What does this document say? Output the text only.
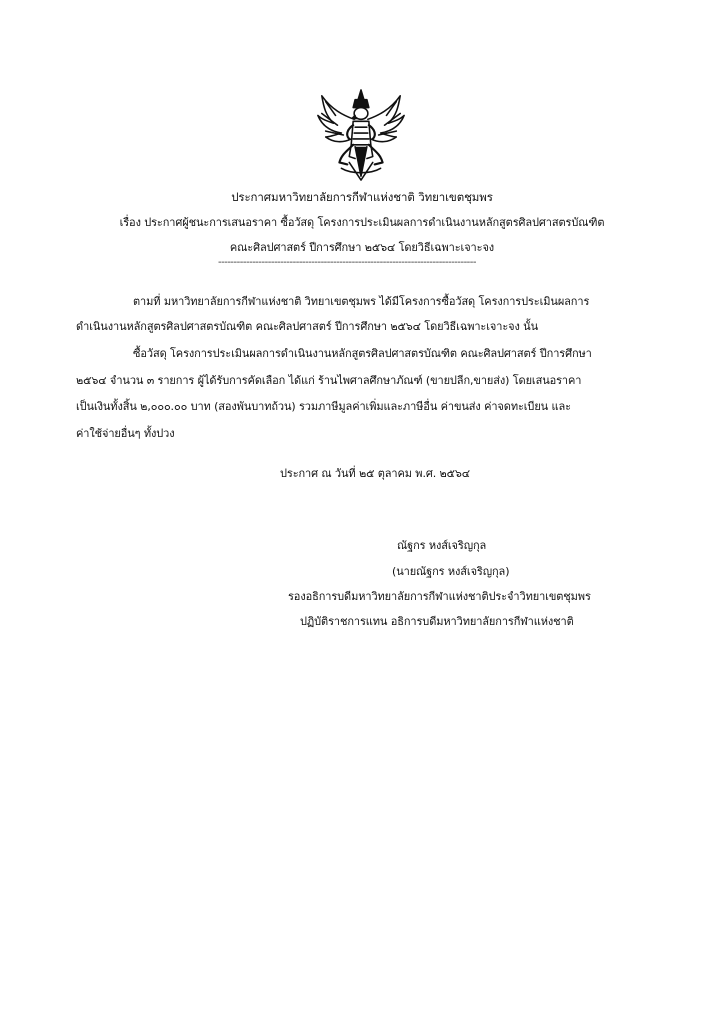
ประกาศมหาวิทยาลัยการกีฬาแห่งชาติ วิทยาเขตชุมพร
เรื่อง ประกาศผู้ชนะการเสนอราคา ซื้อวัสดุ โครงการประเมินผลการดำเนินงานหลักสูตรศิลปศาสตรบัณฑิต
คณะศิลปศาสตร์ ปีการศึกษา ๒๕๖๔ โดยวิธีเฉพาะเจาะจง
-----------------------------------------------------------------------------------
ตามที่ มหาวิทยาลัยการกีฬาแห่งชาติ วิทยาเขตชุมพร ได้มีโครงการซื้อวัสดุ โครงการประเมินผลการ
ดำเนินงานหลักสูตรศิลปศาสตรบัณฑิต คณะศิลปศาสตร์ ปีการศึกษา ๒๕๖๔ โดยวิธีเฉพาะเจาะจง นั้น
ซื้อวัสดุ โครงการประเมินผลการดำเนินงานหลักสูตรศิลปศาสตรบัณฑิต คณะศิลปศาสตร์ ปีการศึกษา
๒๕๖๔ จำนวน ๓ รายการ ผู้ได้รับการคัดเลือก ได้แก่ ร้านไพศาลศึกษาภัณฑ์ (ขายปลีก,ขายส่ง) โดยเสนอราคา
เป็นเงินทั้งสิ้น ๒,๐๐๐.๐๐ บาท (สองพันบาทถ้วน) รวมภาษีมูลค่าเพิ่มและภาษีอื่น ค่าขนส่ง ค่าจดทะเบียน และ
ค่าใช้จ่ายอื่นๆ ทั้งปวง
ประกาศ ณ วันที่ ๒๕ ตุลาคม พ.ศ. ๒๕๖๔
ณัฐกร หงส์เจริญกุล
(นายณัฐกร หงส์เจริญกุล)
รองอธิการบดีมหาวิทยาลัยการกีฬาแห่งชาติประจำวิทยาเขตชุมพร
ปฏิบัติราชการแทน อธิการบดีมหาวิทยาลัยการกีฬาแห่งชาติ
